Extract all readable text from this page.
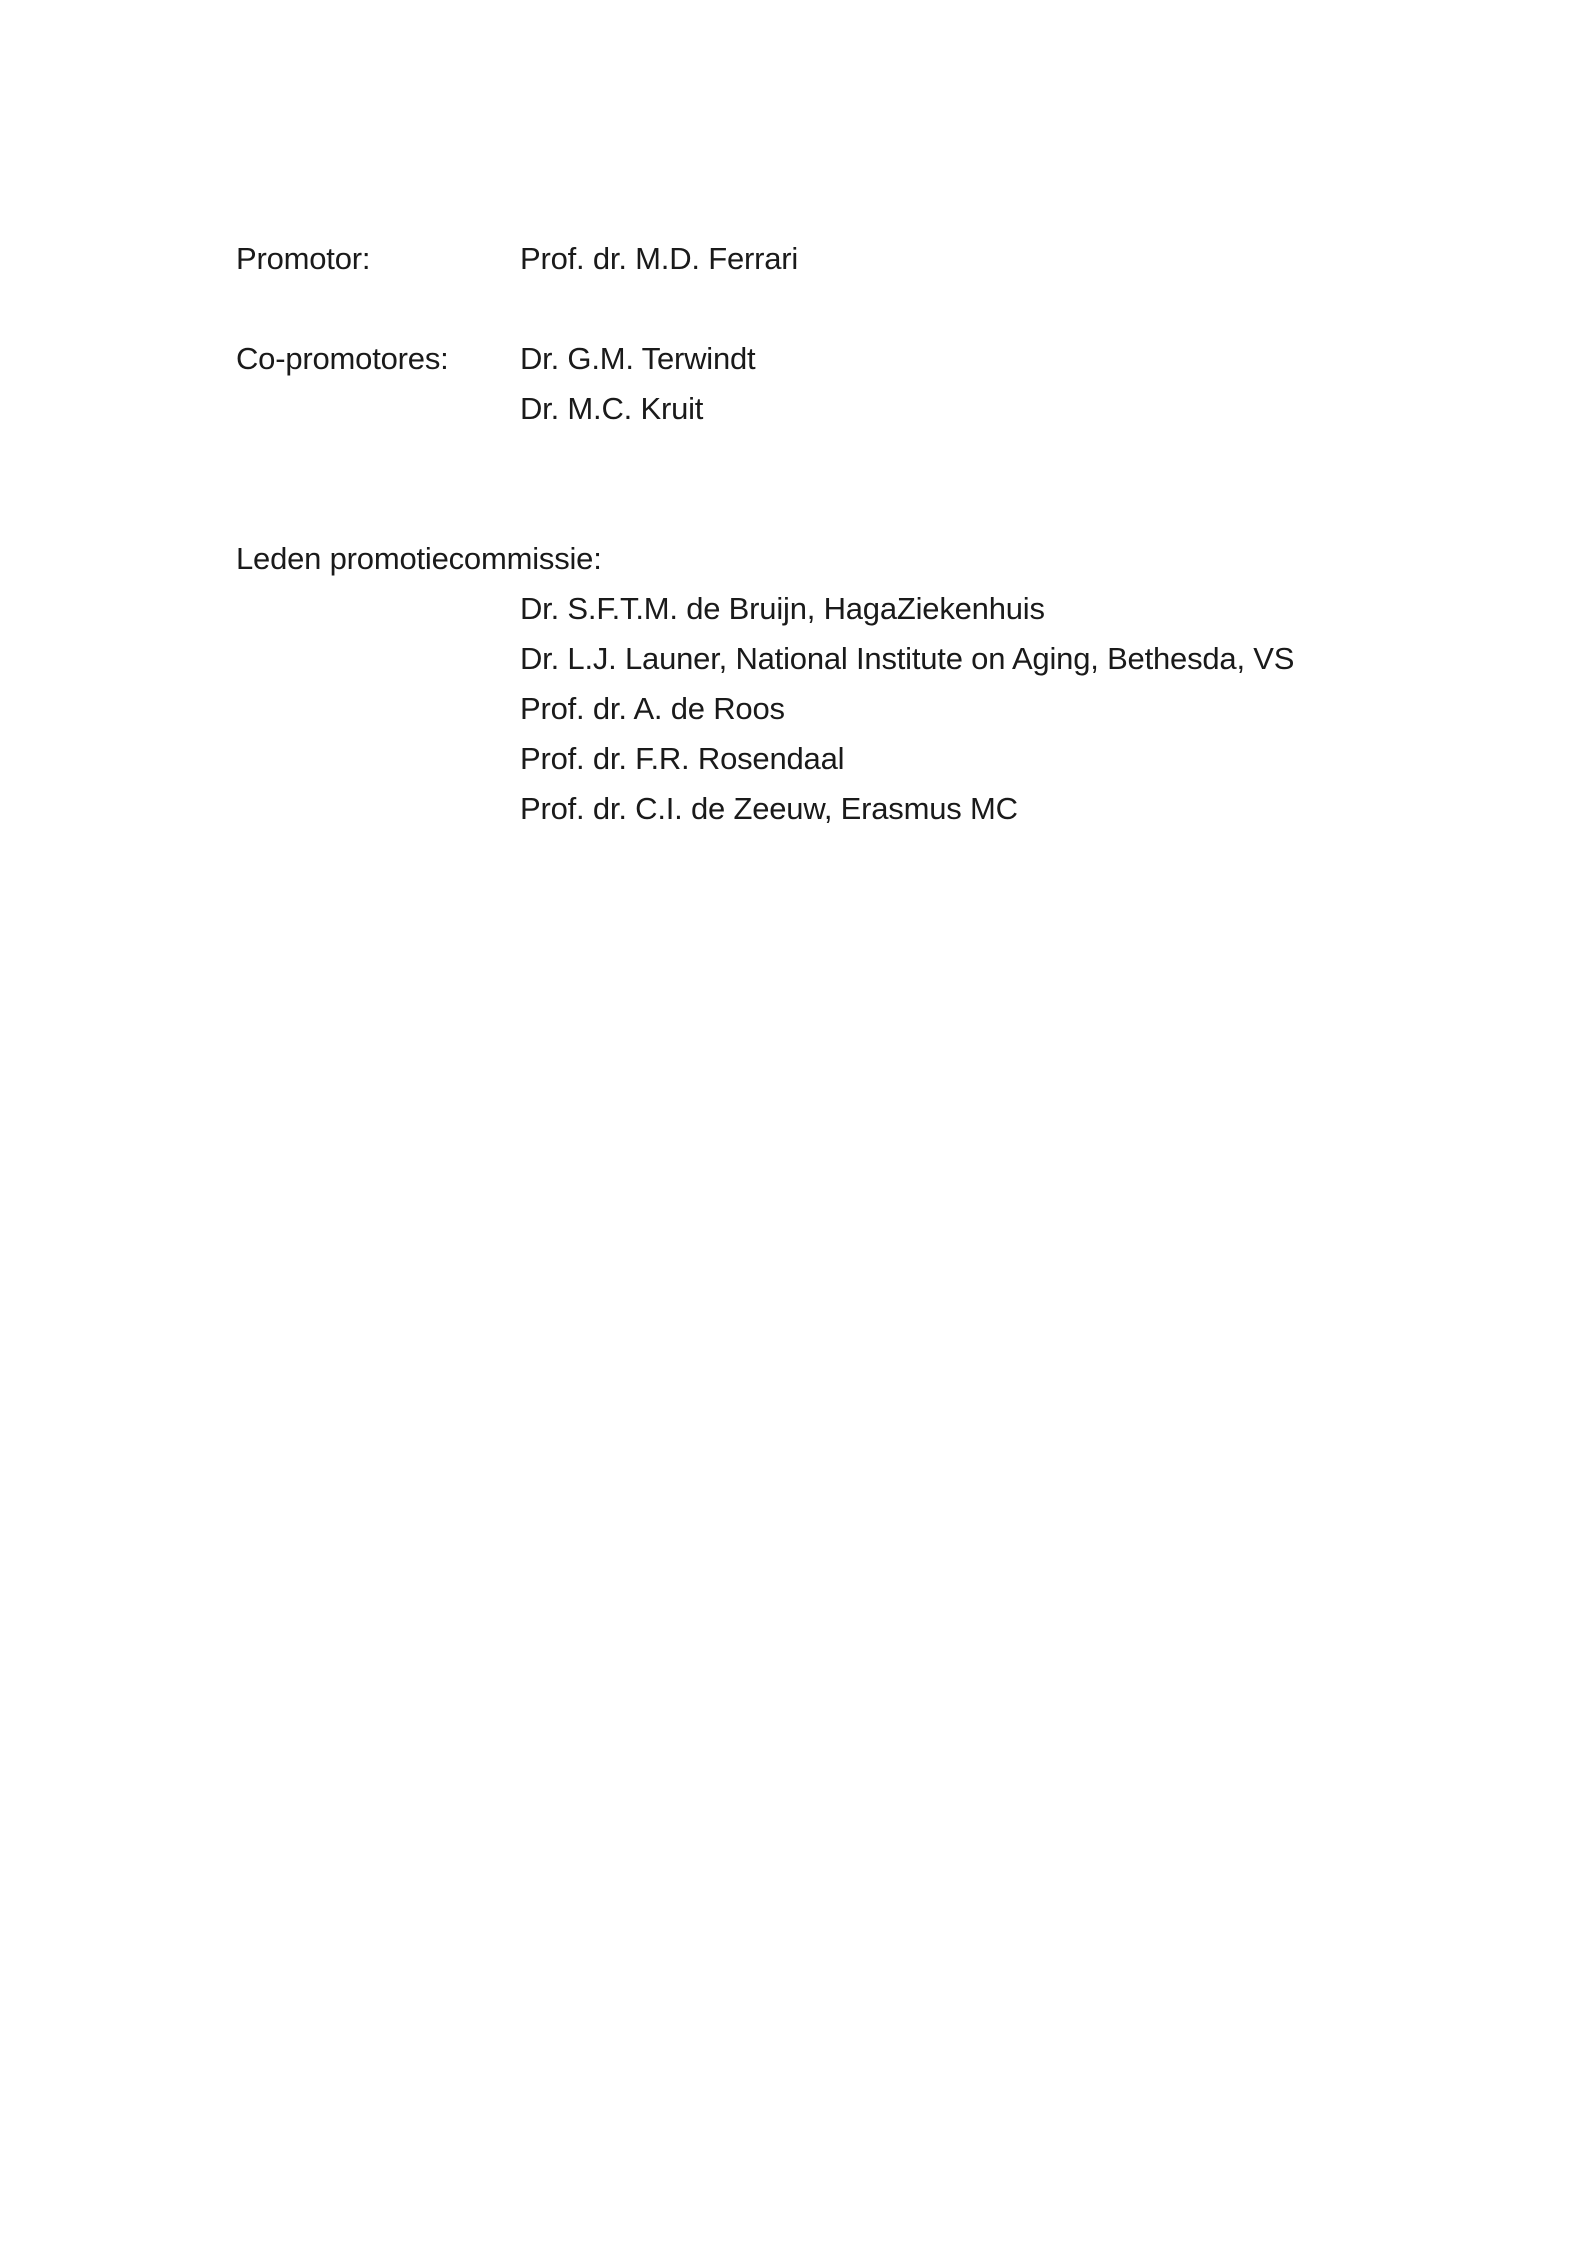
Promotor:	Prof. dr. M.D. Ferrari
Co-promotores: Dr. G.M. Terwindt
Dr. M.C. Kruit
Leden promotiecommissie:
Dr. S.F.T.M. de Bruijn, HagaZiekenhuis
Dr. L.J. Launer, National Institute on Aging, Bethesda, VS
Prof. dr. A. de Roos
Prof. dr. F.R. Rosendaal
Prof. dr. C.I. de Zeeuw, Erasmus MC
